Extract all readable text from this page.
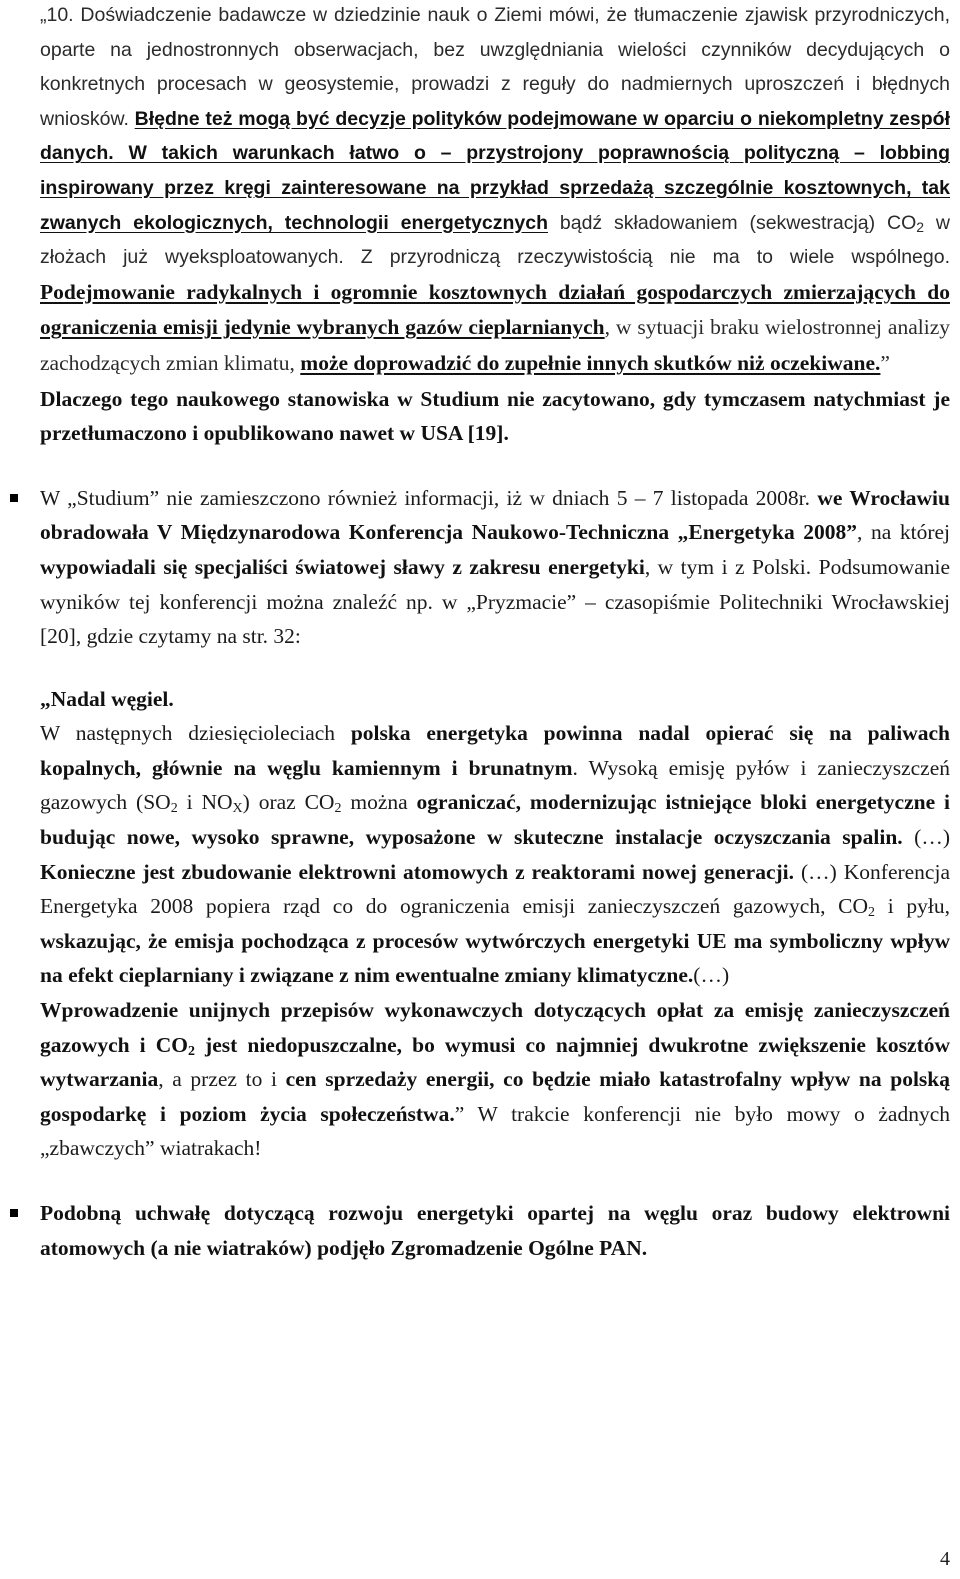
„10. Doświadczenie badawcze w dziedzinie nauk o Ziemi mówi, że tłumaczenie zjawisk przyrodniczych, oparte na jednostronnych obserwacjach, bez uwzględniania wielości czynników decydujących o konkretnych procesach w geosystemie, prowadzi z reguły do nadmiernych uproszczeń i błędnych wniosków. Błędne też mogą być decyzje polityków podejmowane w oparciu o niekompletny zespół danych. W takich warunkach łatwo o – przystrojony poprawnością polityczną – lobbing inspirowany przez kręgi zainteresowane na przykład sprzedażą szczególnie kosztownych, tak zwanych ekologicznych, technologii energetycznych bądź składowaniem (sekwestracją) $CO_2$ w złożach już wyeksploatowanych. Z przyrodniczą rzeczywistością nie ma to wiele wspólnego. Podejmowanie radykalnych i ogromnie kosztownych działań gospodarczych zmierzających do ograniczenia emisji jedynie wybranych gazów cieplarnianych, w sytuacji braku wielostronnej analizy zachodzących zmian klimatu, może doprowadzić do zupełnie innych skutków niż oczekiwane.”

Dlaczego tego naukowego stanowiska w Studium nie zacytowano, gdy tymczasem natychmiast je przetłumaczono i opublikowano nawet w USA [19].

W „Studium” nie zamieszczono również informacji, iż w dniach 5 – 7 listopada 2008r. we Wrocławiu obradowała V Międzynarodowa Konferencja Naukowo-Techniczna „Energetyka 2008”, na której wypowiadali się specjaliści światowej sławy z zakresu energetyki, w tym i z Polski. Podsumowanie wyników tej konferencji można znaleźć np. w „Pryzmacie” – czasopiśmie Politechniki Wrocławskiej [20], gdzie czytamy na str. 32:

„Nadal węgiel.

W następnych dziesięcioleciach polska energetyka powinna nadal opierać się na paliwach kopalnych, głównie na węglu kamiennym i brunatnym. Wysoką emisję pyłów i zanieczyszczeń gazowych ($SO_2$ i $NO_X$) oraz $CO_2$ można ograniczać, modernizując istniejące bloki energetyczne i budując nowe, wysoko sprawne, wyposażone w skuteczne instalacje oczyszczania spalin. (…) Konieczne jest zbudowanie elektrowni atomowych z reaktorami nowej generacji. (…) Konferencja Energetyka 2008 popiera rząd co do ograniczenia emisji zanieczyszczeń gazowych, $CO_2$ i pyłu, wskazując, że emisja pochodząca z procesów wytwórczych energetyki UE ma symboliczny wpływ na efekt cieplarniany i związane z nim ewentualne zmiany klimatyczne.(…)

Wprowadzenie unijnych przepisów wykonawczych dotyczących opłat za emisję zanieczyszczeń gazowych i $CO_2$ jest niedopuszczalne, bo wymusi co najmniej dwukrotne zwiększenie kosztów wytwarzania, a przez to i cen sprzedaży energii, co będzie miało katastrofalny wpływ na polską gospodarkę i poziom życia społeczeństwa.” W trakcie konferencji nie było mowy o żadnych „zbawczych” wiatrakach!

Podobną uchwałę dotyczącą rozwoju energetyki opartej na węglu oraz budowy elektrowni atomowych (a nie wiatraków) podjęło Zgromadzenie Ogólne PAN.

4
